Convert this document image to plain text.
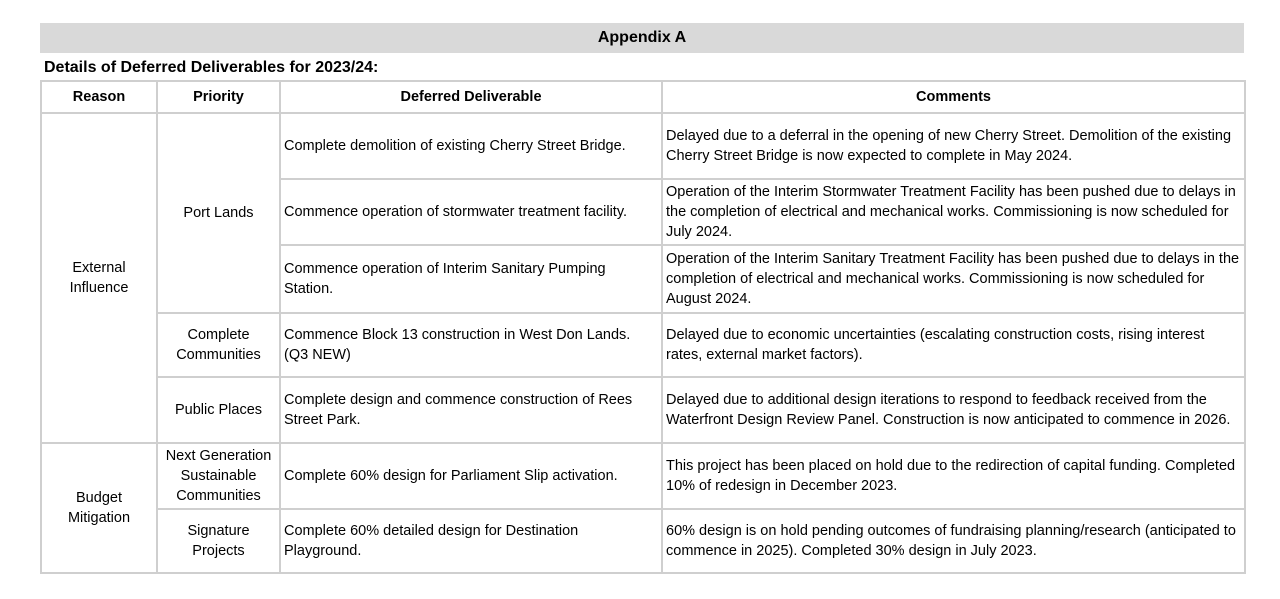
Appendix A
Details of Deferred Deliverables for 2023/24:
Reason	Priority	Deferred Deliverable	Comments
External Influence	Port Lands	Complete demolition of existing Cherry Street Bridge.	Delayed due to a deferral in the opening of new Cherry Street. Demolition of the existing Cherry Street Bridge is now expected to complete in May 2024.
		Commence operation of stormwater treatment facility.	Operation of the Interim Stormwater Treatment Facility has been pushed due to delays in the completion of electrical and mechanical works. Commissioning is now scheduled for July 2024.
		Commence operation of Interim Sanitary Pumping Station.	Operation of the Interim Sanitary Treatment Facility has been pushed due to delays in the completion of electrical and mechanical works. Commissioning is now scheduled for August 2024.
	Complete Communities	Commence Block 13 construction in West Don Lands. (Q3 NEW)	Delayed due to economic uncertainties (escalating construction costs, rising interest rates, external market factors).
	Public Places	Complete design and commence construction of Rees Street Park.	Delayed due to additional design iterations to respond to feedback received from the Waterfront Design Review Panel. Construction is now anticipated to commence in 2026.
Budget Mitigation	Next Generation Sustainable Communities	Complete 60% design for Parliament Slip activation.	This project has been placed on hold due to the redirection of capital funding. Completed 10% of redesign in December 2023.
	Signature Projects	Complete 60% detailed design for Destination Playground.	60% design is on hold pending outcomes of fundraising planning/research (anticipated to commence in 2025). Completed 30% design in July 2023.
